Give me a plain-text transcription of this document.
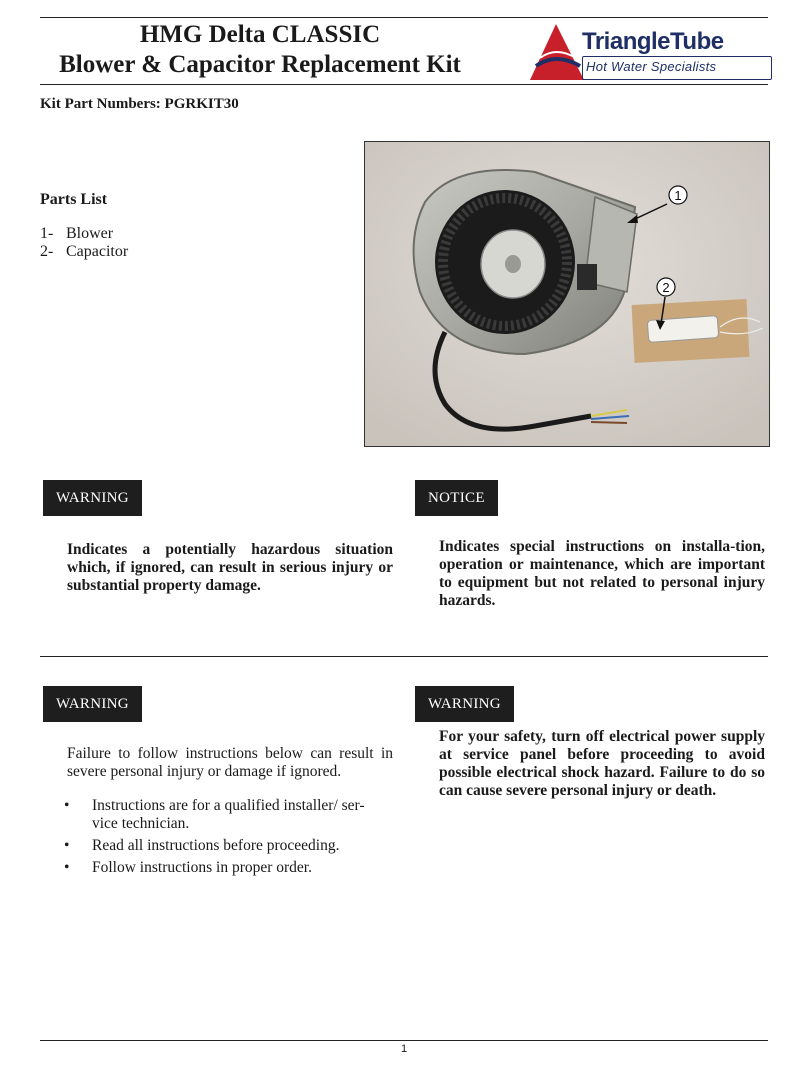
HMG Delta CLASSIC
Blower & Capacitor Replacement Kit
TriangleTube
Hot Water Specialists
Kit Part Numbers: PGRKIT30
Parts List
1- Blower
2- Capacitor
1
2
WARNING
Indicates a potentially hazardous situation which, if ignored, can result in serious injury or substantial property damage.
NOTICE
Indicates special instructions on installa-tion, operation or maintenance, which are important to equipment but not related to personal injury hazards.
WARNING
Failure to follow instructions below can result in severe personal injury or damage if ignored.
• Instructions are for a qualified installer/ ser-vice technician.
• Read all instructions before proceeding.
• Follow instructions in proper order.
WARNING
For your safety, turn off electrical power supply at service panel before proceeding to avoid possible electrical shock hazard. Failure to do so can cause severe personal injury or death.
1
